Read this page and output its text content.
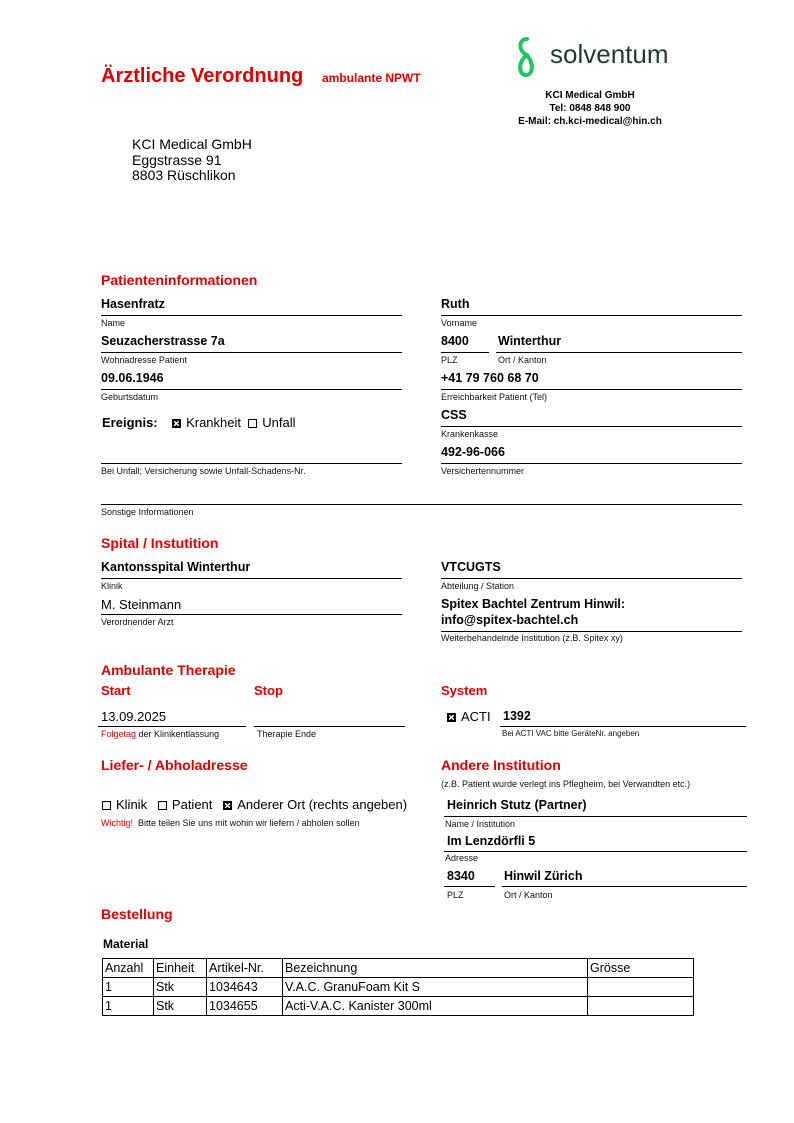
Ärztliche Verordnung ambulante NPWT
solventum
KCI Medical GmbH
Tel: 0848 848 900
E-Mail: ch.kci-medical@hin.ch
KCI Medical GmbH
Eggstrasse 91
8803 Rüschlikon
Patienteninformationen
Hasenfratz
Name
Ruth
Vorname
Seuzacherstrasse 7a
Wohnadresse Patient
8400
PLZ
Winterthur
Ort / Kanton
09.06.1946
Geburtsdatum
+41 79 760 68 70
Erreichbarkeit Patient (Tel)
Ereignis: Krankheit Unfall	CSS
Krankenkasse
492-96-066
Versichertennummer
Bei Unfall; Versicherung sowie Unfall-Schadens-Nr.
Sonstige Informationen
Spital / Instutition
Kantonsspital Winterthur
Klinik
VTCUGTS
Abteilung / Station
M. Steinmann
Verordnender Arzt
Spitex Bachtel Zentrum Hinwil:
info@spitex-bachtel.ch
Weiterbehandelnde Institution (z.B. Spitex xy)
Ambulante Therapie
Start	Stop	System
13.09.2025
Folgetag der Klinikentlassung	Therapie Ende
ACTI 1392
Bei ACTI VAC bitte GeräteNr. angeben
Liefer- / Abholadresse
Klinik Patient Anderer Ort (rechts angeben)
Wichtig! Bitte teilen Sie uns mit wohin wir liefern / abholen sollen
Andere Institution
(z.B. Patient wurde verlegt ins Pflegheim, bei Verwandten etc.)
Heinrich Stutz (Partner)
Name / Institution
Im Lenzdörfli 5
Adresse
8340
PLZ
Hinwil Zürich
Ort / Kanton
Bestellung
Material
Anzahl	Einheit	Artikel-Nr.	Bezeichnung	Grösse
1	Stk	1034643	V.A.C. GranuFoam Kit S	
1	Stk	1034655	Acti-V.A.C. Kanister 300ml	
